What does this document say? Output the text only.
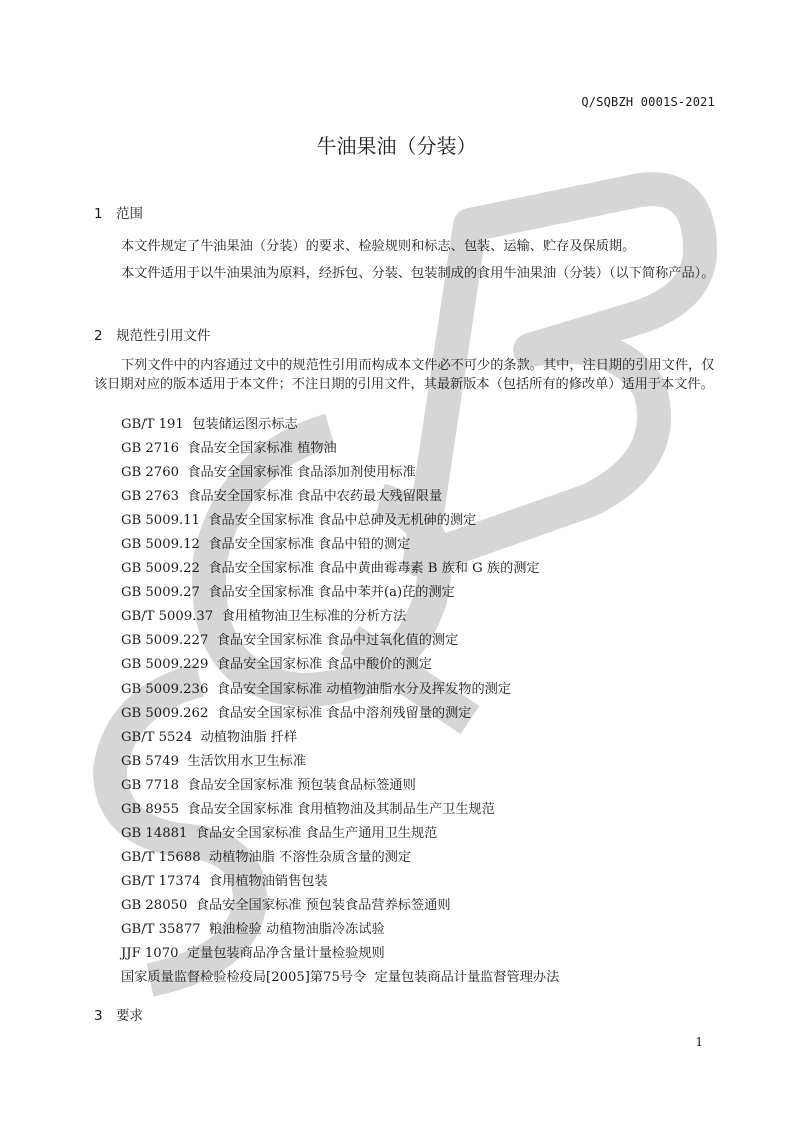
Q/SQBZH 0001S-2021
牛油果油（分装）
1 范围
本文件规定了牛油果油（分装）的要求、检验规则和标志、包装、运输、贮存及保质期。
本文件适用于以牛油果油为原料，经拆包、分装、包装制成的食用牛油果油（分装）（以下简称产品）。
2 规范性引用文件
下列文件中的内容通过文中的规范性引用而构成本文件必不可少的条款。其中，注日期的引用文件，仅该日期对应的版本适用于本文件；不注日期的引用文件，其最新版本（包括所有的修改单）适用于本文件。
GB/T 191 包装储运图示标志
GB 2716 食品安全国家标准 植物油
GB 2760 食品安全国家标准 食品添加剂使用标准
GB 2763 食品安全国家标准 食品中农药最大残留限量
GB 5009.11 食品安全国家标准 食品中总砷及无机砷的测定
GB 5009.12 食品安全国家标准 食品中铅的测定
GB 5009.22 食品安全国家标准 食品中黄曲霉毒素 B 族和 G 族的测定
GB 5009.27 食品安全国家标准 食品中苯并(a)芘的测定
GB/T 5009.37 食用植物油卫生标准的分析方法
GB 5009.227 食品安全国家标准 食品中过氧化值的测定
GB 5009.229 食品安全国家标准 食品中酸价的测定
GB 5009.236 食品安全国家标准 动植物油脂水分及挥发物的测定
GB 5009.262 食品安全国家标准 食品中溶剂残留量的测定
GB/T 5524 动植物油脂 扦样
GB 5749 生活饮用水卫生标准
GB 7718 食品安全国家标准 预包装食品标签通则
GB 8955 食品安全国家标准 食用植物油及其制品生产卫生规范
GB 14881 食品安全国家标准 食品生产通用卫生规范
GB/T 15688 动植物油脂 不溶性杂质含量的测定
GB/T 17374 食用植物油销售包装
GB 28050 食品安全国家标准 预包装食品营养标签通则
GB/T 35877 粮油检验 动植物油脂冷冻试验
JJF 1070 定量包装商品净含量计量检验规则
国家质量监督检验检疫局[2005]第75号令 定量包装商品计量监督管理办法
3 要求
1
